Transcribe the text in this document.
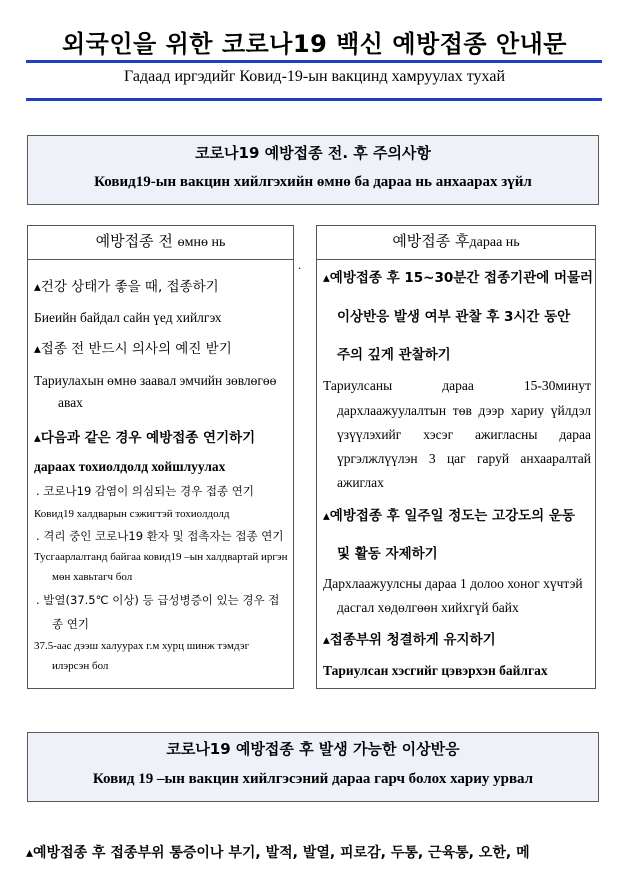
외국인을 위한 코로나19 백신 예방접종 안내문
Гадаад иргэдийг Ковид-19-ын вакцинд хамруулах тухай
코로나19 예방접종 전. 후 주의사항
Ковид19-ын вакцин хийлгэхийн өмнө ба дараа нь анхаарах зүйл
예방접종 전 өмнө нь
▴건강 상태가 좋을 때, 접종하기
Биеийн байдал сайн үед хийлгэх
▴접종 전 반드시 의사의 예진 받기
Тариулахын өмнө заавал эмчийн зөвлөгөө
авах
▴다음과 같은 경우 예방접종 연기하기
дараах тохиолдолд хойшлуулах
. 코로나19 감염이 의심되는 경우 접종 연기
Ковид19 халдварын сэжигтэй тохиолдолд
. 격리 중인 코로나19 환자 및 접촉자는 접종 연기
Тусгаарлалтанд байгаа ковид19 –ын халдвартай иргэн
мөн хавьтагч бол
. 발열(37.5℃ 이상) 등 급성병증이 있는 경우 접
종 연기
37.5-аас дээш халуурах г.м хурц шинж тэмдэг
илэрсэн бол
·
예방접종 후дараа нь
▴예방접종 후 15~30분간 접종기관에 머물러
이상반응 발생 여부 관찰 후 3시간 동안
주의 깊게 관찰하기
Тариулсаны дараа 15-30минут
дархлаажуулалтын төв дээр хариу үйлдэл
үзүүлэхийг хэсэг ажигласны дараа
үргэлжлүүлэн 3 цаг гаруй анхааралтай
ажиглах
▴예방접종 후 일주일 정도는 고강도의 운동
및 활동 자제하기
Дархлаажуулсны дараа 1 долоо хоног хүчтэй
дасгал хөдөлгөөн хийхгүй байх
▴접종부위 청결하게 유지하기
Тариулсан хэсгийг цэвэрхэн байлгах
코로나19 예방접종 후 발생 가능한 이상반응
Ковид 19 –ын вакцин хийлгэсэний дараа гарч болох хариу урвал
▴예방접종 후 접종부위 통증이나 부기, 발적, 발열, 피로감, 두통, 근육통, 오한, 메
